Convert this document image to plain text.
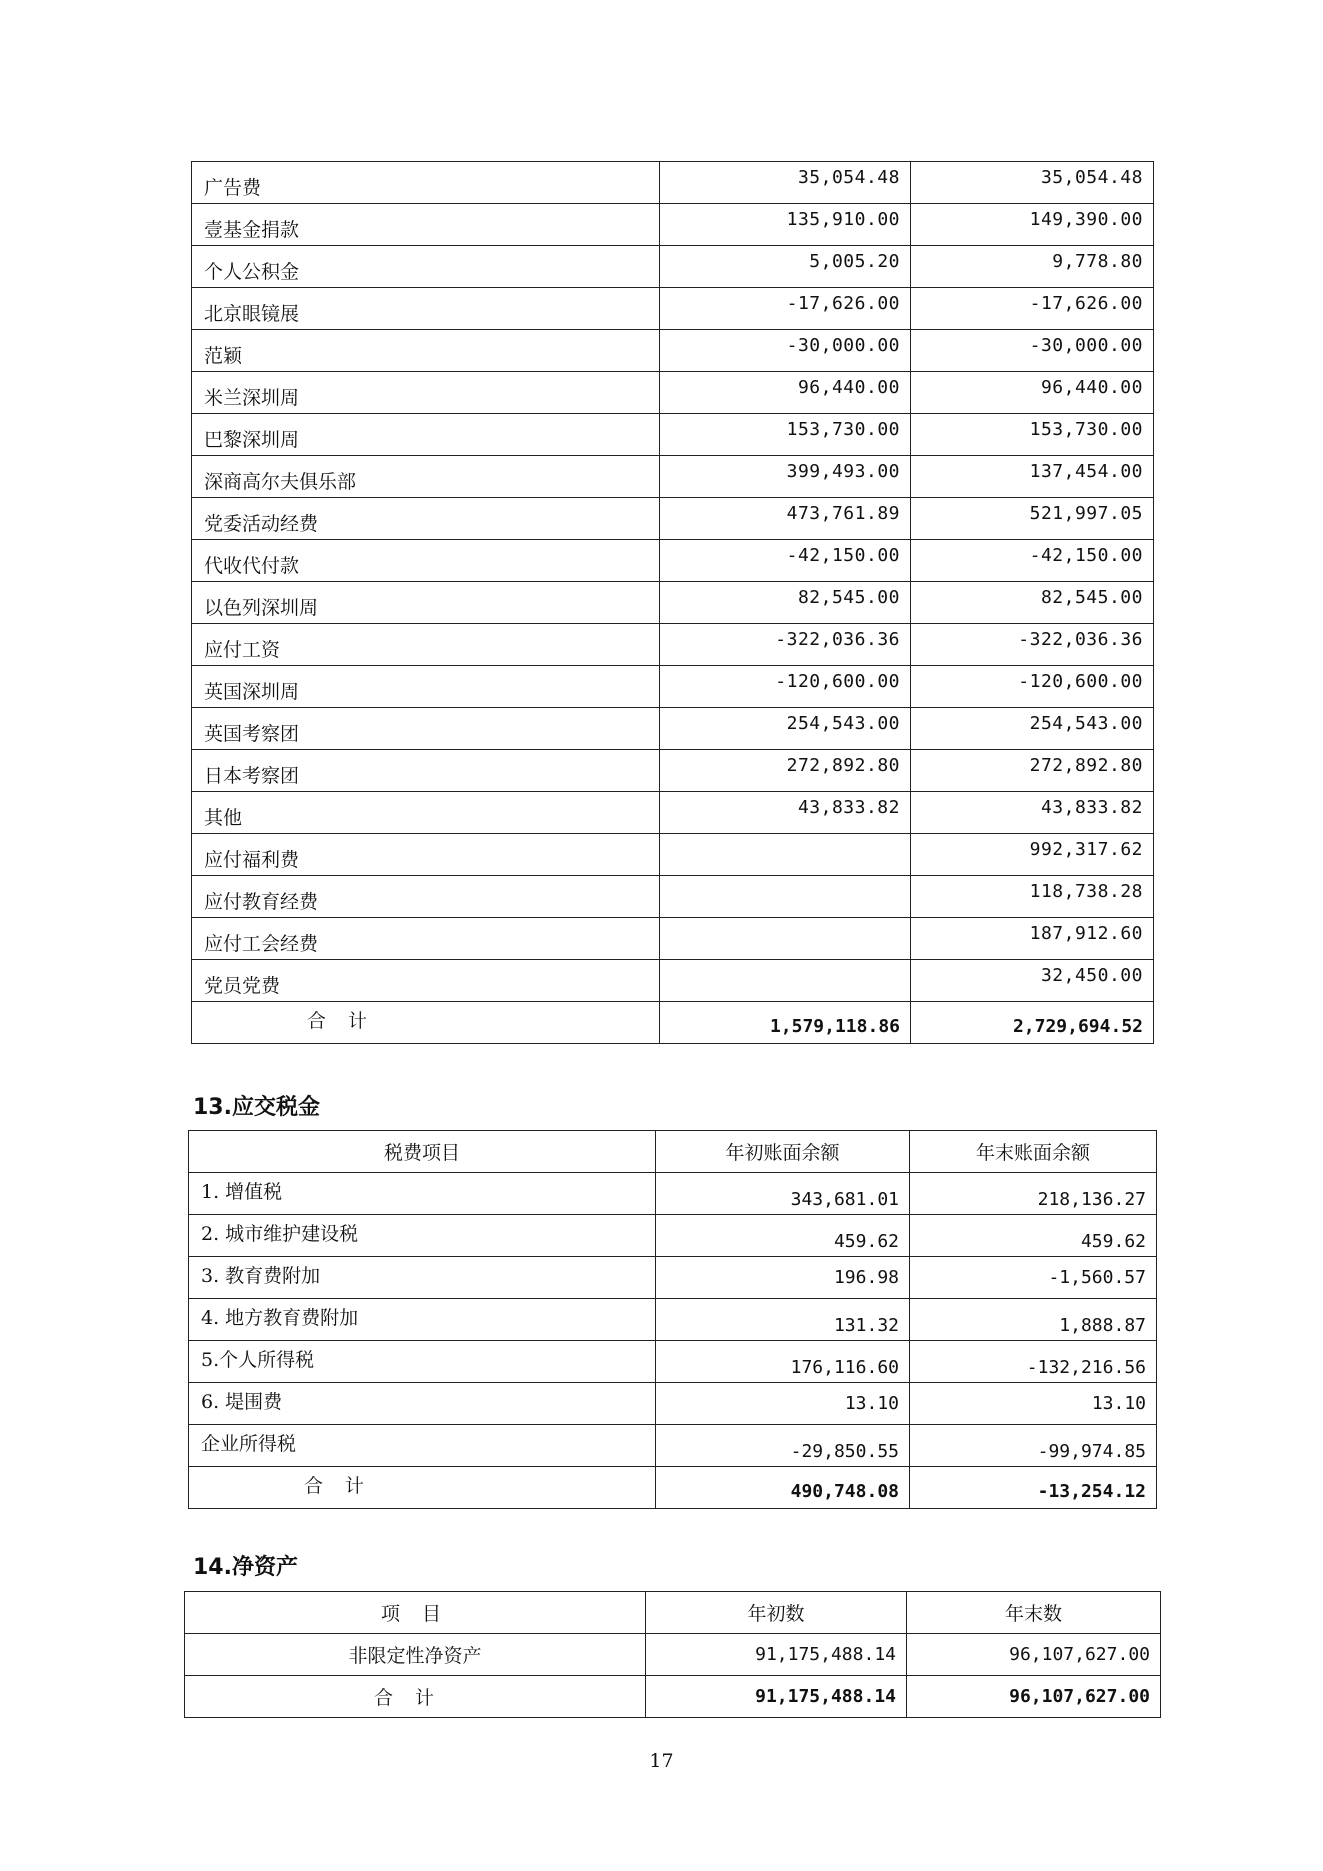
广告费	35,054.48	35,054.48
壹基金捐款	135,910.00	149,390.00
个人公积金	5,005.20	9,778.80
北京眼镜展	-17,626.00	-17,626.00
范颖	-30,000.00	-30,000.00
米兰深圳周	96,440.00	96,440.00
巴黎深圳周	153,730.00	153,730.00
深商高尔夫俱乐部	399,493.00	137,454.00
党委活动经费	473,761.89	521,997.05
代收代付款	-42,150.00	-42,150.00
以色列深圳周	82,545.00	82,545.00
应付工资	-322,036.36	-322,036.36
英国深圳周	-120,600.00	-120,600.00
英国考察团	254,543.00	254,543.00
日本考察团	272,892.80	272,892.80
其他	43,833.82	43,833.82
应付福利费		992,317.62
应付教育经费		118,738.28
应付工会经费		187,912.60
党员党费		32,450.00
合计	1,579,118.86	2,729,694.52
13.应交税金
税费项目	年初账面余额	年末账面余额
1. 增值税	343,681.01	218,136.27
2. 城市维护建设税	459.62	459.62
3. 教育费附加	196.98	-1,560.57
4. 地方教育费附加	131.32	1,888.87
5.个人所得税	176,116.60	-132,216.56
6. 堤围费	13.10	13.10
企业所得税	-29,850.55	-99,974.85
合计	490,748.08	-13,254.12
14.净资产
项 目	年初数	年末数
非限定性净资产	91,175,488.14	96,107,627.00
合计	91,175,488.14	96,107,627.00
17
